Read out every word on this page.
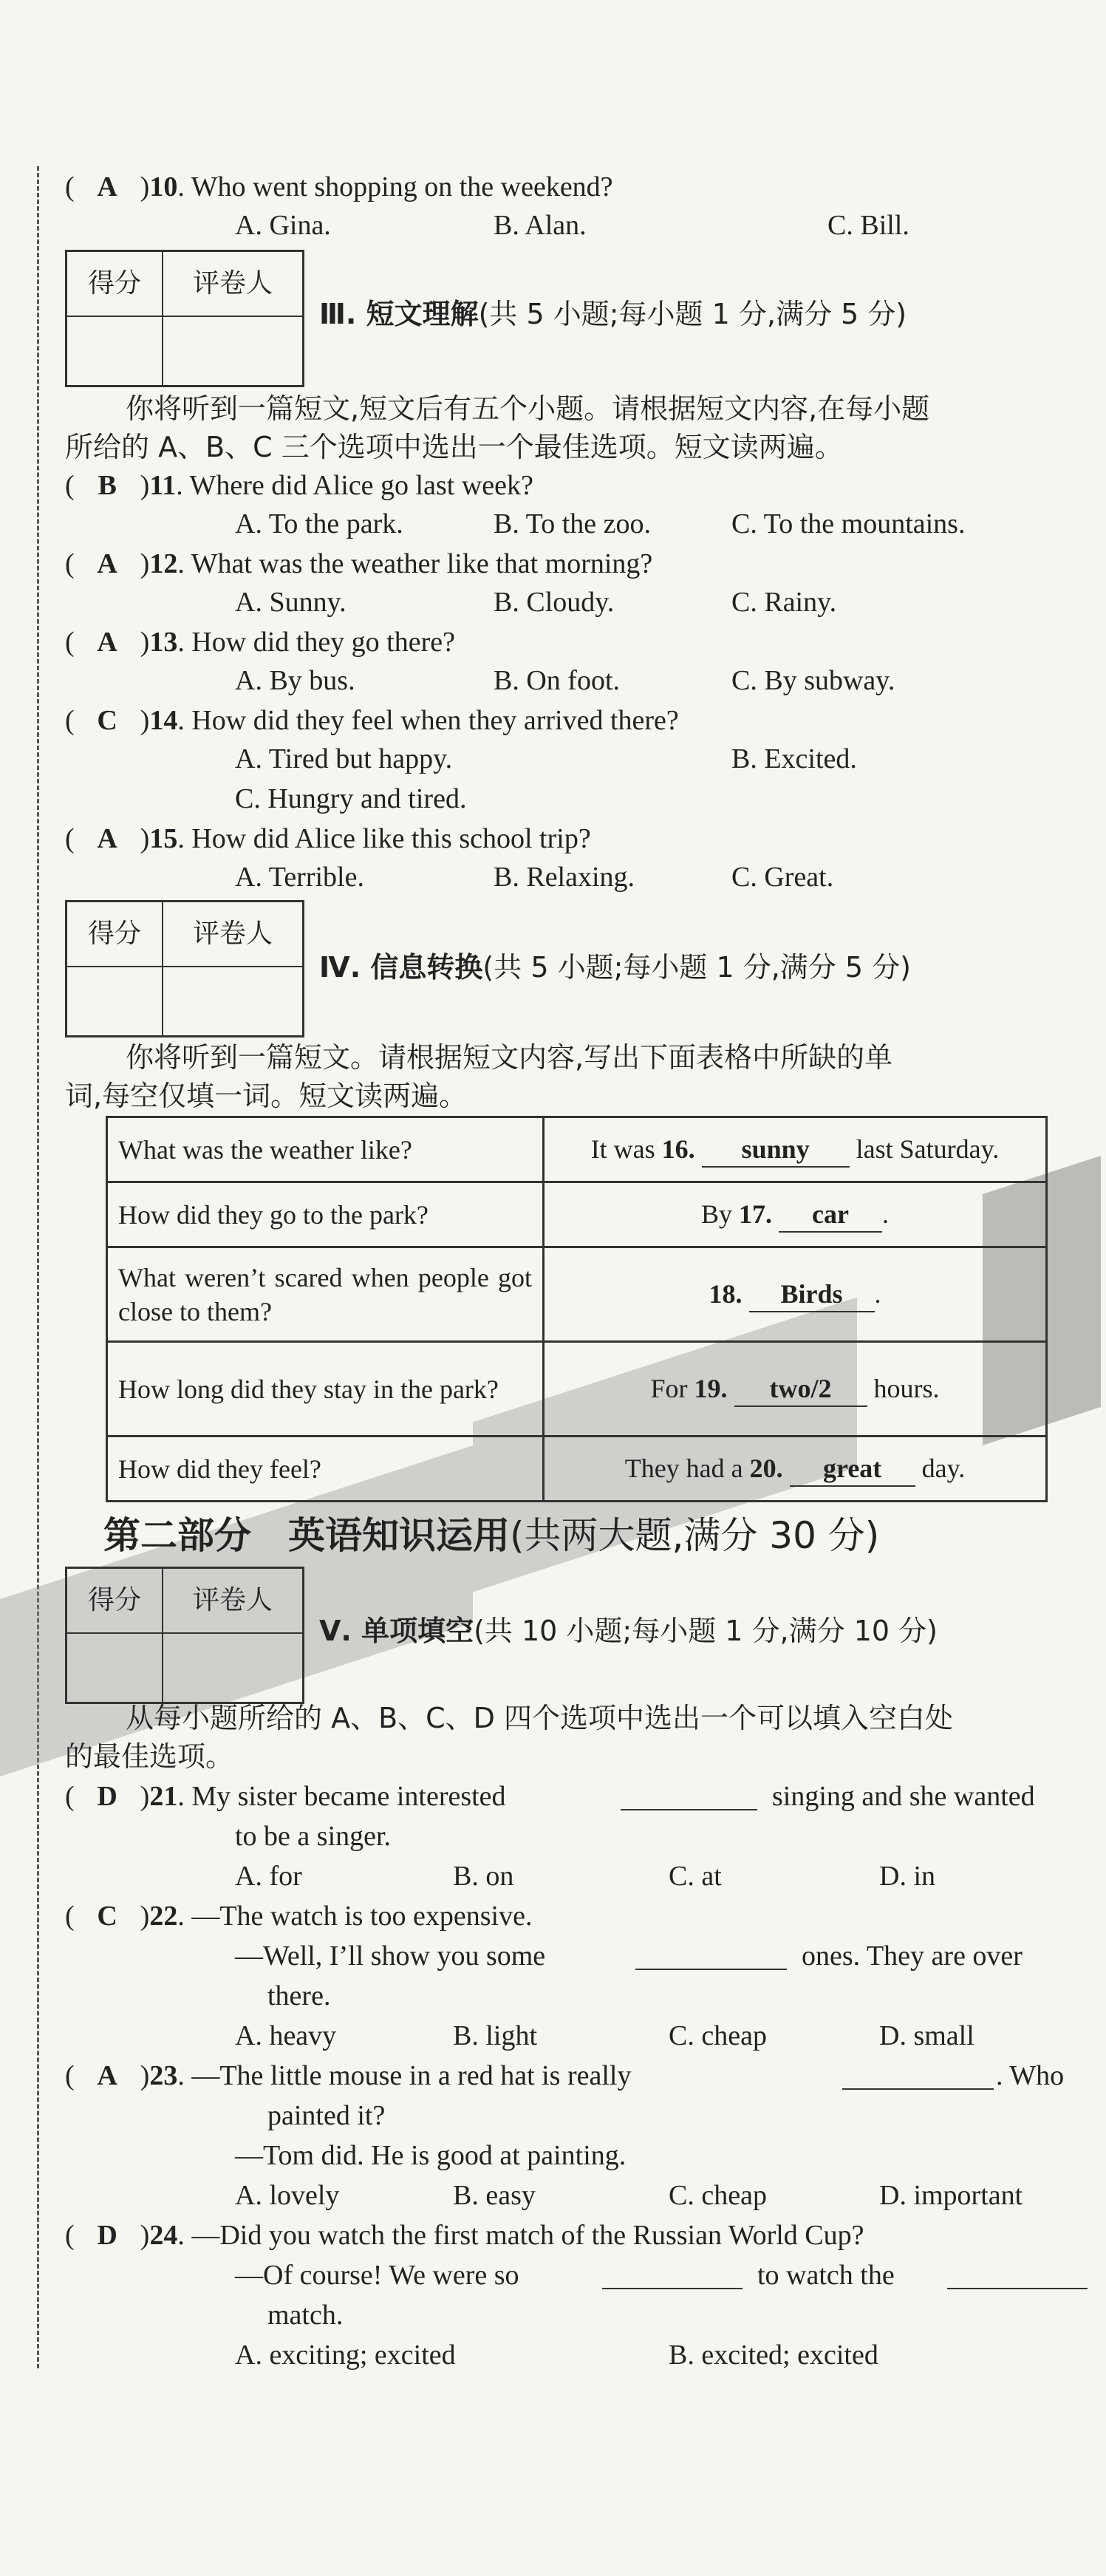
( A )10. Who went shopping on the weekend?
A. Gina.	B. Alan.	C. Bill.
得分	评卷人
Ⅲ. 短文理解(共 5 小题;每小题 1 分,满分 5 分)
你将听到一篇短文,短文后有五个小题。请根据短文内容,在每小题
所给的 A、B、C 三个选项中选出一个最佳选项。短文读两遍。
( B )11. Where did Alice go last week?
A. To the park.	B. To the zoo.	C. To the mountains.
( A )12. What was the weather like that morning?
A. Sunny.	B. Cloudy.	C. Rainy.
( A )13. How did they go there?
A. By bus.	B. On foot.	C. By subway.
( C )14. How did they feel when they arrived there?
A. Tired but happy.	B. Excited.
C. Hungry and tired.
( A )15. How did Alice like this school trip?
A. Terrible.	B. Relaxing.	C. Great.
得分	评卷人
Ⅳ. 信息转换(共 5 小题;每小题 1 分,满分 5 分)
你将听到一篇短文。请根据短文内容,写出下面表格中所缺的单
词,每空仅填一词。短文读两遍。
What was the weather like?	It was 16. sunny last Saturday.
How did they go to the park?	By 17. car .
What weren’t scared when people got close to them?	18. Birds .
How long did they stay in the park?	For 19. two/2 hours.
How did they feel?	They had a 20. great day.
第二部分　英语知识运用(共两大题,满分 30 分)
得分	评卷人
Ⅴ. 单项填空(共 10 小题;每小题 1 分,满分 10 分)
从每小题所给的 A、B、C、D 四个选项中选出一个可以填入空白处
的最佳选项。
( D )21. My sister became interested	singing and she wanted
to be a singer.
A. for	B. on	C. at	D. in
( C )22. —The watch is too expensive.
—Well, I’ll show you some	ones. They are over
there.
A. heavy	B. light	C. cheap	D. small
( A )23. —The little mouse in a red hat is really	. Who
painted it?
—Tom did. He is good at painting.
A. lovely	B. easy	C. cheap	D. important
( D )24. —Did you watch the first match of the Russian World Cup?
—Of course! We were so	to watch the
match.
A. exciting; excited	B. excited; excited
